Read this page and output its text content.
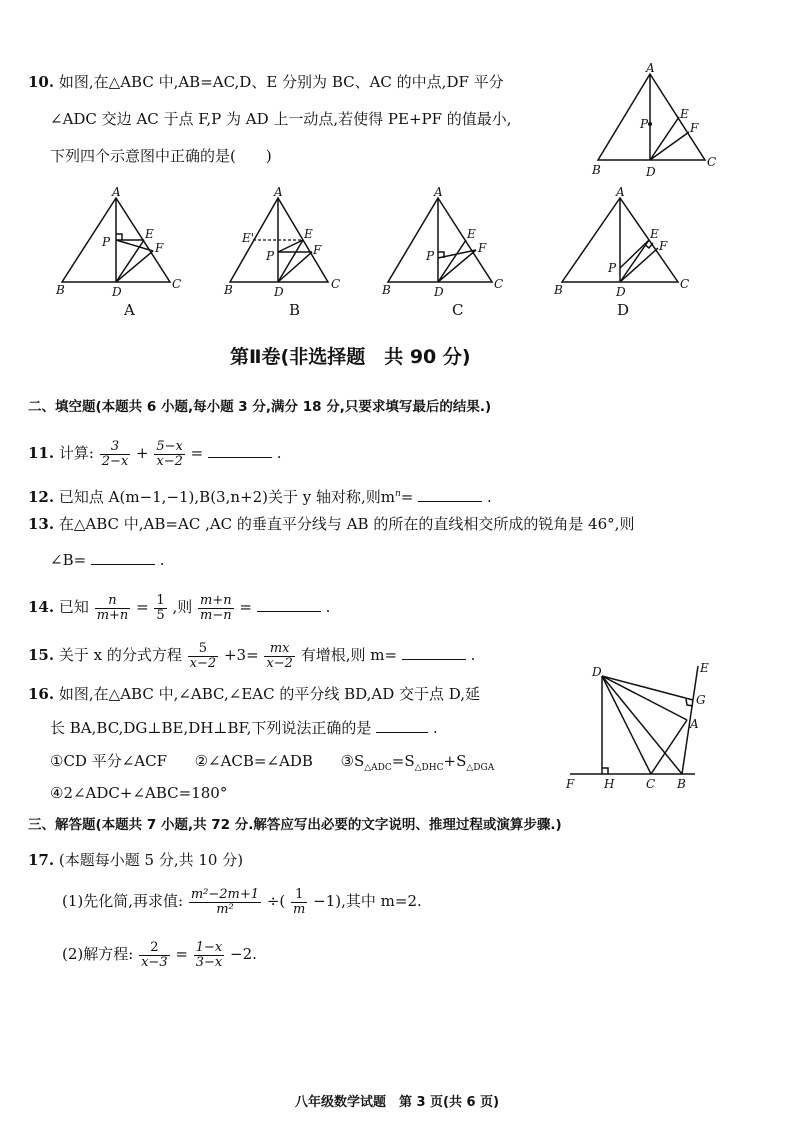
10. 如图,在△ABC 中,AB=AC,D、E 分别为 BC、AC 的中点,DF 平分
∠ADC 交边 AC 于点 F,P 为 AD 上一动点,若使得 PE+PF 的值最小,
下列四个示意图中正确的是(　　)
A
B	D
C
E
F
P
A
B	D
C
E
F
P
A
A
B	D
C
E
F
P
E'
B
A
B	D
C
E
F
P
C
A
B	D
C
E
F
P
D
第Ⅱ卷(非选择题　共 90 分)
二、填空题(本题共 6 小题,每小题 3 分,满分 18 分,只要求填写最后的结果.)
11. 计算: $\frac{3}{2-x} + \frac{5-x}{x-2}$ =	.
12. 已知点 A(m−1,−1),B(3,n+2)关于 y 轴对称,则$m^n=$	.
13. 在△ABC 中,AB=AC ,AC 的垂直平分线与 AB 的所在的直线相交所成的锐角是 46°,则
∠B=	.
14. 已知 $\frac{n}{m+n} = \frac{1}{5}$ ,则 $\frac{m+n}{m-n}$ =	.
15. 关于 x 的分式方程 $\frac{5}{x-2} +3= \frac{mx}{x-2}$ 有增根,则 m=	.
16. 如图,在△ABC 中,∠ABC,∠EAC 的平分线 BD,AD 交于点 D,延
长 BA,BC,DG⊥BE,DH⊥BF,下列说法正确的是	.
①CD 平分∠ACF ②∠ACB=∠ADB $③S_{\triangle ADC}=S_{\triangle DHC}+S_{\triangle DGA}$
④2∠ADC+∠ABC=180°
D	E
G
A
F H	C B
三、解答题(本题共 7 小题,共 72 分.解答应写出必要的文字说明、推理过程或演算步骤.)
17. (本题每小题 5 分,共 10 分)
(1)先化简,再求值: $\frac{\text{m²−2m+1}}{\text{m²}}$ ÷( $\frac{1}{m} -1$),其中 m=2.
(2)解方程: $\frac{2}{x-3} = \frac{1-x}{3-x} -2$.
八年级数学试题　第 3 页(共 6 页)
